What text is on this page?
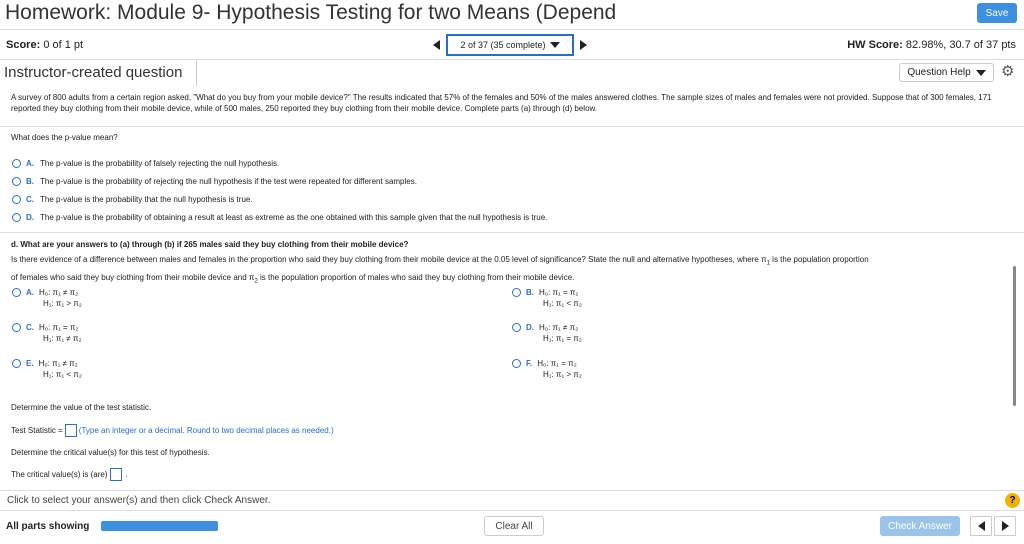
Homework: Module 9- Hypothesis Testing for two Means (Depend	Save
Score: 0 of 1 pt	2 of 37 (35 complete)	HW Score: 82.98%, 30.7 of 37 pts
Instructor-created question	Question Help ⚙
A survey of 800 adults from a certain region asked, "What do you buy from your mobile device?" The results indicated that 57% of the females and 50% of the males answered clothes. The sample sizes of males and females were not provided. Suppose that of 300 females, 171 reported they buy clothing from their mobile device, while of 500 males, 250 reported they buy clothing from their mobile device. Complete parts (a) through (d) below.
What does the p-value mean?
A. The p-value is the probability of falsely rejecting the null hypothesis.
B. The p-value is the probability of rejecting the null hypothesis if the test were repeated for different samples.
C. The p-value is the probability that the null hypothesis is true.
D. The p-value is the probability of obtaining a result at least as extreme as the one obtained with this sample given that the null hypothesis is true.
d. What are your answers to (a) through (b) if 265 males said they buy clothing from their mobile device?
Is there evidence of a difference between males and females in the proportion who said they buy clothing from their mobile device at the 0.05 level of significance? State the null and alternative hypotheses, where $\pi_1$ is the population proportion
of females who said they buy clothing from their mobile device and $\pi_2$ is the population proportion of males who said they buy clothing from their mobile device.
A. H₀: π₁ ≠ π₂
H₁: π₁ > π₂
B. H₀: π₁ = π₂
H₁: π₁ < π₂
C. H₀: π₁ = π₂
H₁: π₁ ≠ π₂
D. H₀: π₁ ≠ π₂
H₁: π₁ = π₂
E. H₀: π₁ ≠ π₂
H₁: π₁ < π₂
F. H₀: π₁ = π₂
H₁: π₁ > π₂
Determine the value of the test statistic.
Test Statistic = (Type an integer or a decimal. Round to two decimal places as needed.)
Determine the critical value(s) for this test of hypothesis.
The critical value(s) is (are) .
Click to select your answer(s) and then click Check Answer.	?
All parts showing	Clear All	Check Answer
